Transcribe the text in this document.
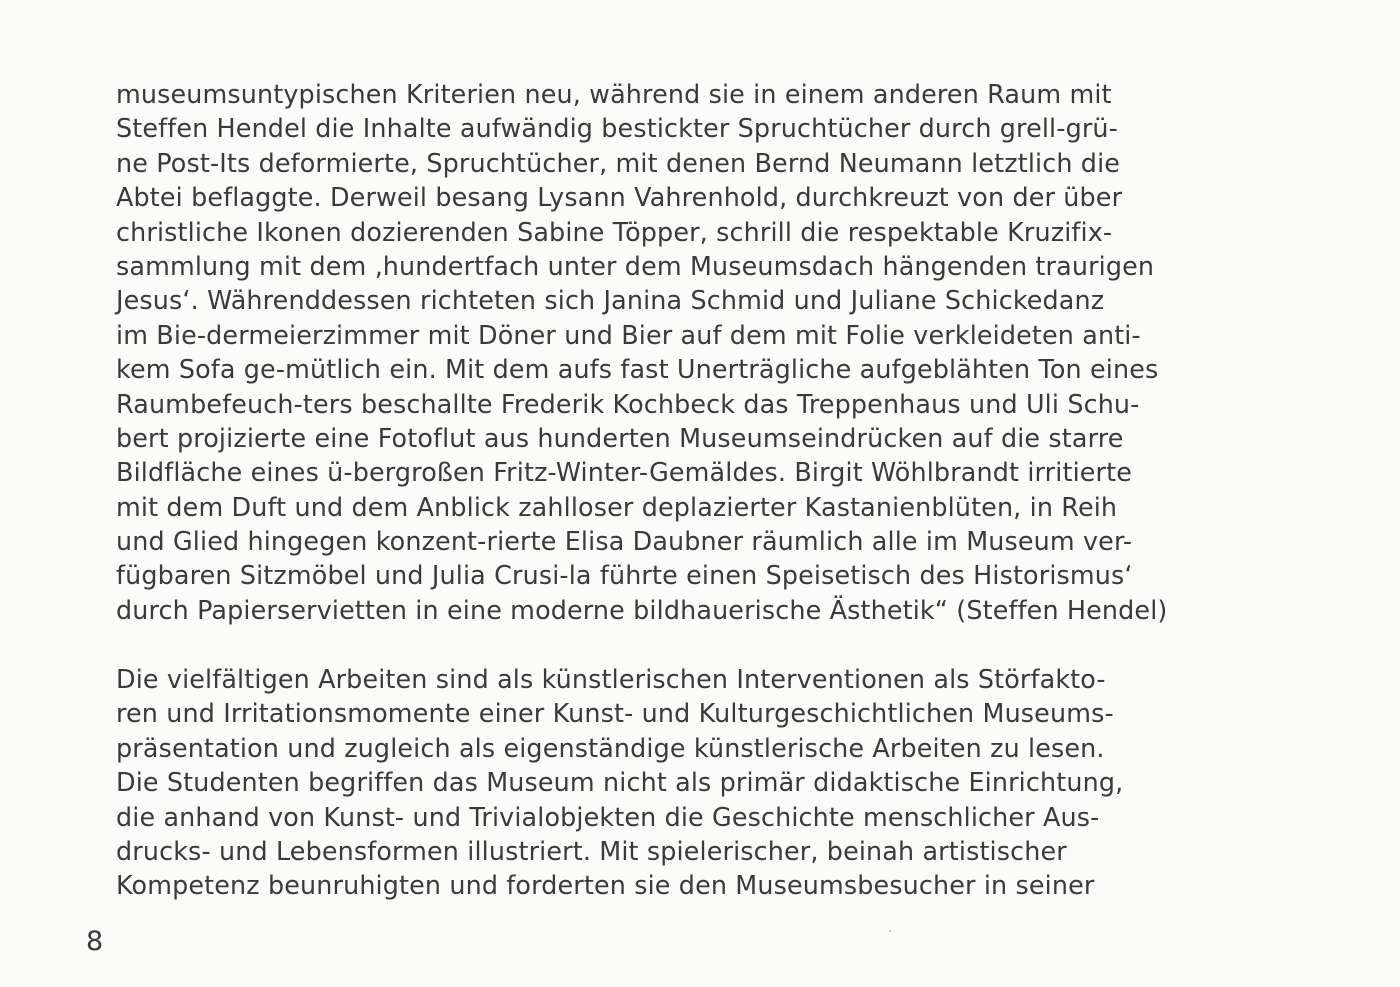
museumsuntypischen Kriterien neu, während sie in einem anderen Raum mit
Steffen Hendel die Inhalte aufwändig bestickter Spruchtücher durch grell-grü-
ne Post-Its deformierte, Spruchtücher, mit denen Bernd Neumann letztlich die
Abtei beflaggte. Derweil besang Lysann Vahrenhold, durchkreuzt von der über
christliche Ikonen dozierenden Sabine Töpper, schrill die respektable Kruzifix-
sammlung mit dem ‚hundertfach unter dem Museumsdach hängenden traurigen
Jesus‘. Währenddessen richteten sich Janina Schmid und Juliane Schickedanz
im Bie-dermeierzimmer mit Döner und Bier auf dem mit Folie verkleideten anti-
kem Sofa ge-mütlich ein. Mit dem aufs fast Unerträgliche aufgeblähten Ton eines
Raumbefeuch-ters beschallte Frederik Kochbeck das Treppenhaus und Uli Schu-
bert projizierte eine Fotoflut aus hunderten Museumseindrücken auf die starre
Bildfläche eines ü-bergroßen Fritz-Winter-Gemäldes. Birgit Wöhlbrandt irritierte
mit dem Duft und dem Anblick zahlloser deplazierter Kastanienblüten, in Reih
und Glied hingegen konzent-rierte Elisa Daubner räumlich alle im Museum ver-
fügbaren Sitzmöbel und Julia Crusi-la führte einen Speisetisch des Historismus‘
durch Papierservietten in eine moderne bildhauerische Ästhetik“ (Steffen Hendel)
Die vielfältigen Arbeiten sind als künstlerischen Interventionen als Störfakto-
ren und Irritationsmomente einer Kunst- und Kulturgeschichtlichen Museums-
präsentation und zugleich als eigenständige künstlerische Arbeiten zu lesen.
Die Studenten begriffen das Museum nicht als primär didaktische Einrichtung,
die anhand von Kunst- und Trivialobjekten die Geschichte menschlicher Aus-
drucks- und Lebensformen illustriert. Mit spielerischer, beinah artistischer
Kompetenz beunruhigten und forderten sie den Museumsbesucher in seiner
8
